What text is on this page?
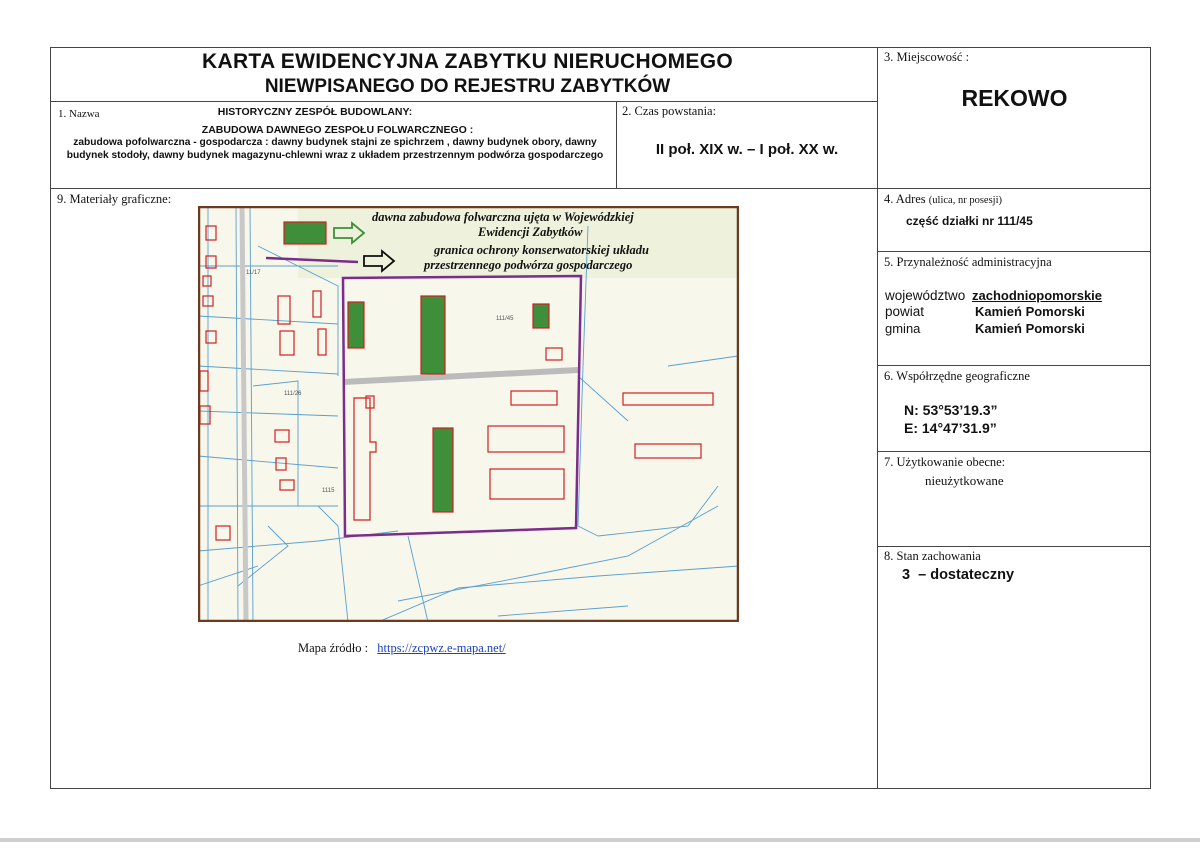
KARTA EWIDENCYJNA ZABYTKU NIERUCHOMEGO
NIEWPISANEGO DO REJESTRU ZABYTKÓW
1. Nazwa	HISTORYCZNY ZESPÓŁ BUDOWLANY:
ZABUDOWA DAWNEGO ZESPOŁU FOLWARCZNEGO :
zabudowa pofolwarczna - gospodarcza : dawny budynek stajni ze spichrzem , dawny budynek obory, dawny budynek stodoły, dawny budynek magazynu-chlewni wraz z układem przestrzennym podwórza gospodarczego
2. Czas powstania:
II poł. XIX w. – I poł. XX w.
3. Miejscowość :
REKOWO
4. Adres (ulica, nr posesji)
część działki nr 111/45
5. Przynależność administracyjna
województwo zachodniopomorskie
powiat	Kamień Pomorski
gmina	Kamień Pomorski
6. Współrzędne geograficzne
N: 53°53’19.3”
E: 14°47’31.9”
7. Użytkowanie obecne:
nieużytkowane
8. Stan zachowania
3  – dostateczny
9. Materiały graficzne:
dawna zabudowa folwarczna ujęta w Wojewódzkiej
Ewidencji Zabytków
granica ochrony konserwatorskiej układu
przestrzennego podwórza gospodarczego
111/45
1115
11/17
111/26
Mapa źródło : https://zcpwz.e-mapa.net/
